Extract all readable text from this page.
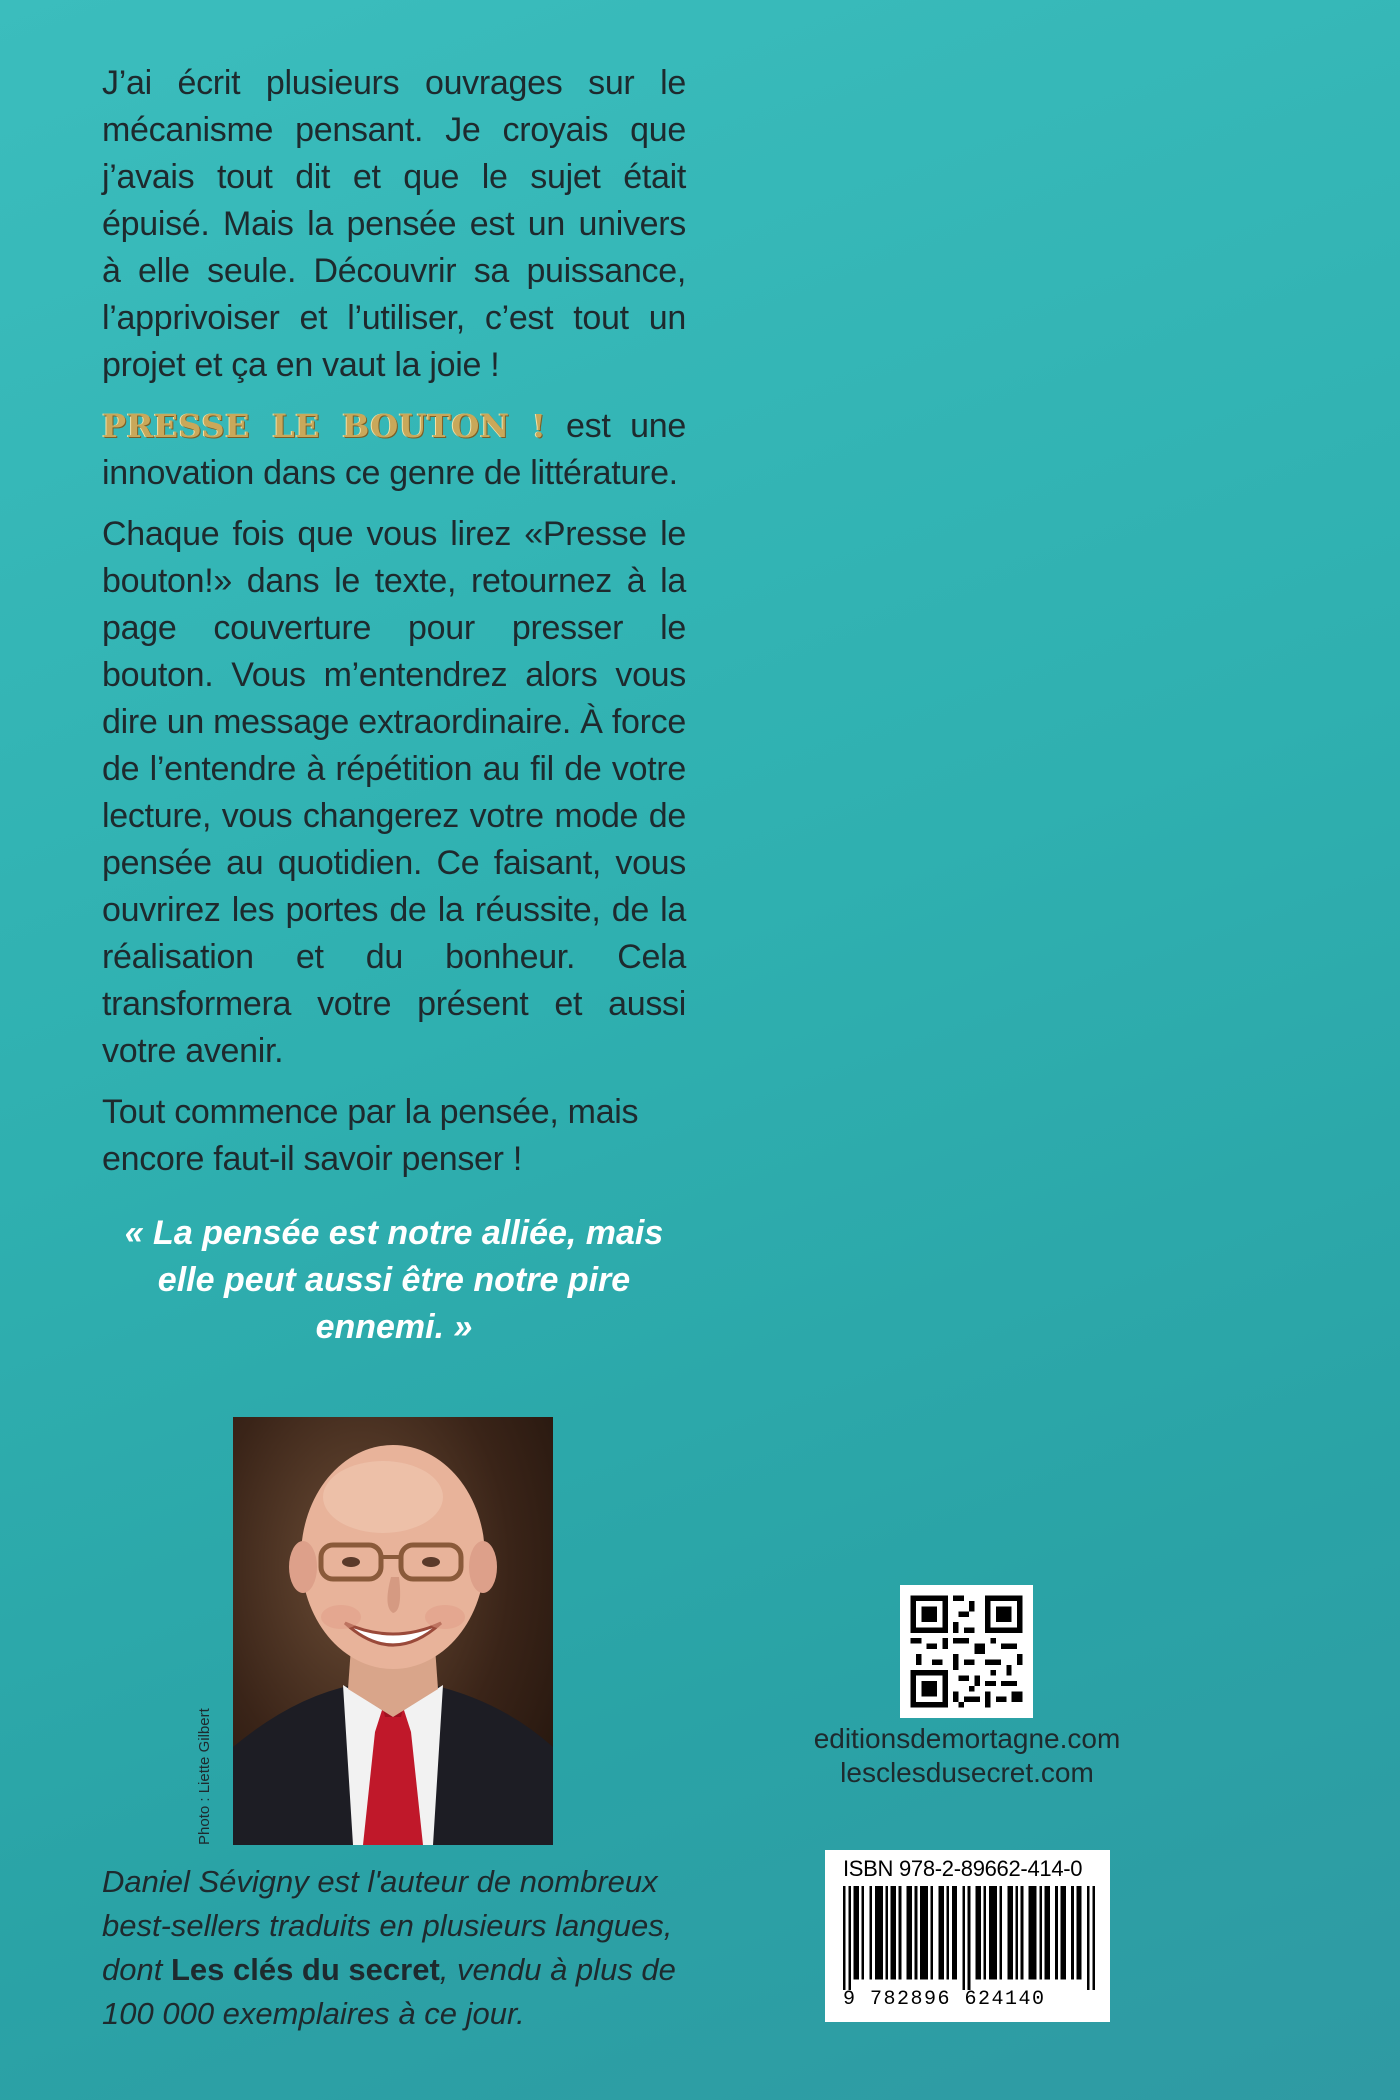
J’ai écrit plusieurs ouvrages sur le mécanisme pensant. Je croyais que j’avais tout dit et que le sujet était épuisé. Mais la pensée est un univers à elle seule. Découvrir sa puissance, l’apprivoiser et l’utiliser, c’est tout un projet et ça en vaut la joie !

PRESSE LE BOUTON ! est une innovation dans ce genre de littérature.

Chaque fois que vous lirez «Presse le bouton!» dans le texte, retournez à la page couverture pour presser le bouton. Vous m’entendrez alors vous dire un message extraordinaire. À force de l’entendre à répétition au fil de votre lecture, vous changerez votre mode de pensée au quotidien. Ce faisant, vous ouvrirez les portes de la réussite, de la réalisation et du bonheur. Cela transformera votre présent et aussi votre avenir.

Tout commence par la pensée, mais encore faut-il savoir penser !

« La pensée est notre alliée, mais elle peut aussi être notre pire ennemi. »
Photo : Liette Gilbert
Daniel Sévigny est l'auteur de nombreux best-sellers traduits en plusieurs langues, dont Les clés du secret, vendu à plus de 100 000 exemplaires à ce jour.
editionsdemortagne.com
lesclesdusecret.com
ISBN 978-2-89662-414-0
9 782896 624140
